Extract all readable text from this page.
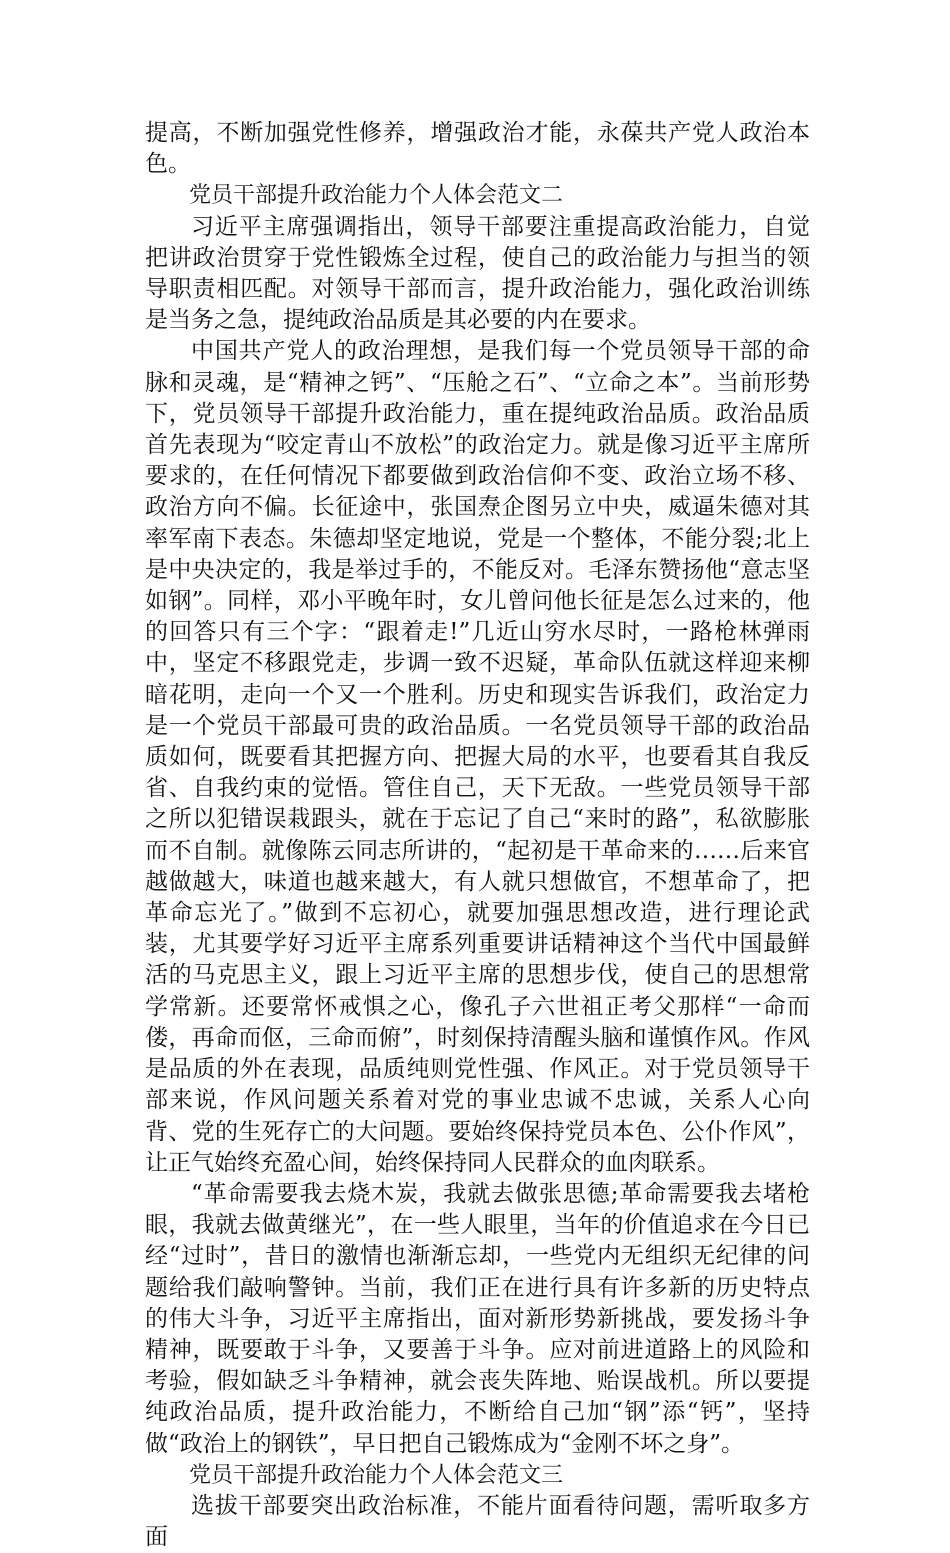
提高，不断加强党性修养，增强政治才能，永葆共产党人政治本色。

党员干部提升政治能力个人体会范文二

习近平主席强调指出，领导干部要注重提高政治能力，自觉把讲政治贯穿于党性锻炼全过程，使自己的政治能力与担当的领导职责相匹配。对领导干部而言，提升政治能力，强化政治训练是当务之急，提纯政治品质是其必要的内在要求。

中国共产党人的政治理想，是我们每一个党员领导干部的命脉和灵魂，是“精神之钙”、“压舱之石”、“立命之本”。当前形势下，党员领导干部提升政治能力，重在提纯政治品质。政治品质首先表现为“咬定青山不放松”的政治定力。就是像习近平主席所要求的，在任何情况下都要做到政治信仰不变、政治立场不移、政治方向不偏。长征途中，张国焘企图另立中央，威逼朱德对其率军南下表态。朱德却坚定地说，党是一个整体，不能分裂;北上是中央决定的，我是举过手的，不能反对。毛泽东赞扬他“意志坚如钢”。同样，邓小平晚年时，女儿曾问他长征是怎么过来的，他的回答只有三个字：“跟着走!”几近山穷水尽时，一路枪林弹雨中，坚定不移跟党走，步调一致不迟疑，革命队伍就这样迎来柳暗花明，走向一个又一个胜利。历史和现实告诉我们，政治定力是一个党员干部最可贵的政治品质。一名党员领导干部的政治品质如何，既要看其把握方向、把握大局的水平，也要看其自我反省、自我约束的觉悟。管住自己，天下无敌。一些党员领导干部之所以犯错误栽跟头，就在于忘记了自己“来时的路”，私欲膨胀而不自制。就像陈云同志所讲的，“起初是干革命来的……后来官越做越大，味道也越来越大，有人就只想做官，不想革命了，把革命忘光了。”做到不忘初心，就要加强思想改造，进行理论武装，尤其要学好习近平主席系列重要讲话精神这个当代中国最鲜活的马克思主义，跟上习近平主席的思想步伐，使自己的思想常学常新。还要常怀戒惧之心，像孔子六世祖正考父那样“一命而偻，再命而伛，三命而俯”，时刻保持清醒头脑和谨慎作风。作风是品质的外在表现，品质纯则党性强、作风正。对于党员领导干部来说，作风问题关系着对党的事业忠诚不忠诚，关系人心向背、党的生死存亡的大问题。要始终保持党员本色、公仆作风”，让正气始终充盈心间，始终保持同人民群众的血肉联系。

“革命需要我去烧木炭，我就去做张思德;革命需要我去堵枪眼，我就去做黄继光”，在一些人眼里，当年的价值追求在今日已经“过时”，昔日的激情也渐渐忘却，一些党内无组织无纪律的问题给我们敲响警钟。当前，我们正在进行具有许多新的历史特点的伟大斗争，习近平主席指出，面对新形势新挑战，要发扬斗争精神，既要敢于斗争，又要善于斗争。应对前进道路上的风险和考验，假如缺乏斗争精神，就会丧失阵地、贻误战机。所以要提纯政治品质，提升政治能力，不断给自己加“钢”添“钙”，坚持做“政治上的钢铁”，早日把自己锻炼成为“金刚不坏之身”。

党员干部提升政治能力个人体会范文三

选拔干部要突出政治标准，不能片面看待问题，需听取多方面
